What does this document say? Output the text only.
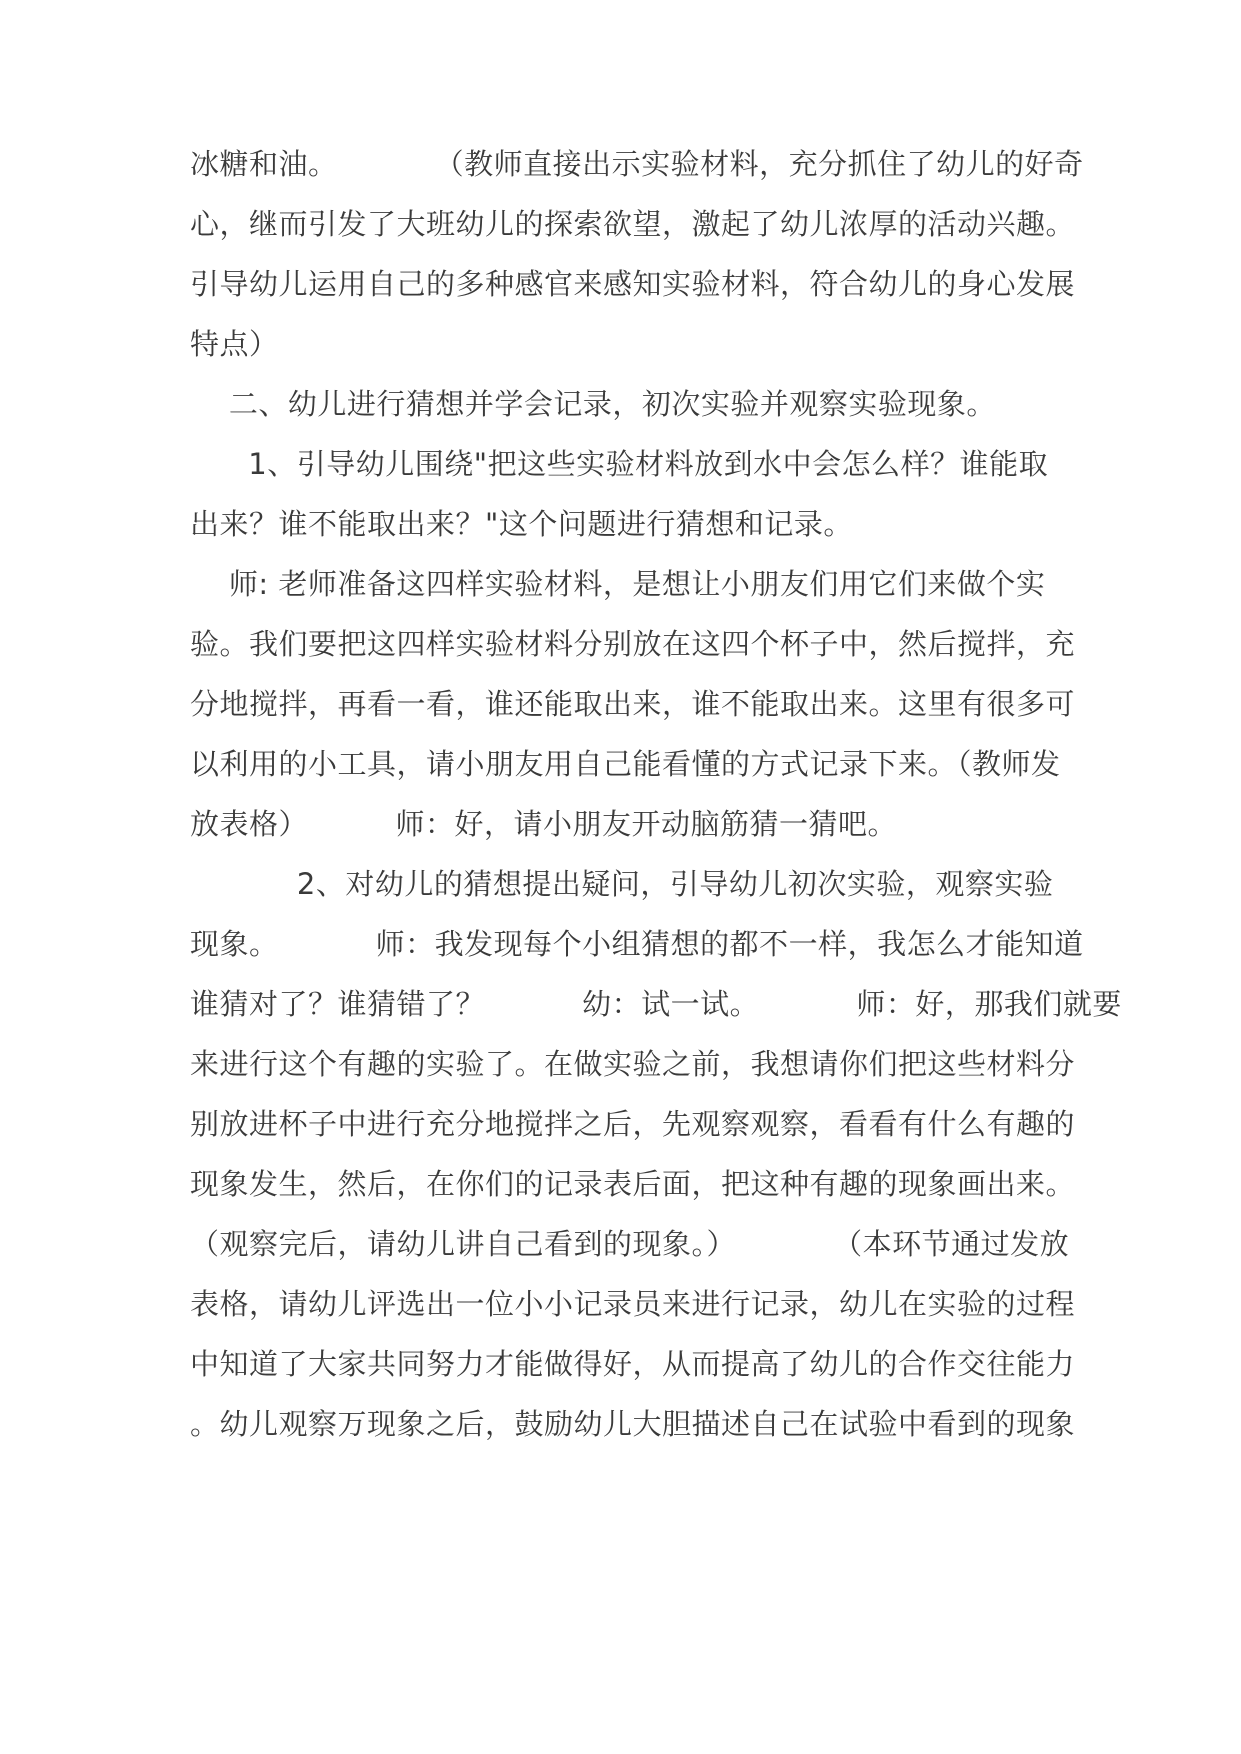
冰糖和油。          （教师直接出示实验材料，充分抓住了幼儿的好奇
心，继而引发了大班幼儿的探索欲望，激起了幼儿浓厚的活动兴趣。
引导幼儿运用自己的多种感官来感知实验材料，符合幼儿的身心发展
特点）
二、幼儿进行猜想并学会记录，初次实验并观察实验现象。
1、引导幼儿围绕"把这些实验材料放到水中会怎么样？谁能取
出来？谁不能取出来？"这个问题进行猜想和记录。
师: 老师准备这四样实验材料，是想让小朋友们用它们来做个实
验。我们要把这四样实验材料分别放在这四个杯子中，然后搅拌，充
分地搅拌，再看一看，谁还能取出来，谁不能取出来。这里有很多可
以利用的小工具，请小朋友用自己能看懂的方式记录下来。（教师发
放表格）         师：好，请小朋友开动脑筋猜一猜吧。
2、对幼儿的猜想提出疑问，引导幼儿初次实验，观察实验
现象。          师：我发现每个小组猜想的都不一样，我怎么才能知道
谁猜对了？谁猜错了？          幼：试一试。          师：好，那我们就要
来进行这个有趣的实验了。在做实验之前，我想请你们把这些材料分
别放进杯子中进行充分地搅拌之后，先观察观察，看看有什么有趣的
现象发生，然后，在你们的记录表后面，把这种有趣的现象画出来。
（观察完后，请幼儿讲自己看到的现象。）          （本环节通过发放
表格，请幼儿评选出一位小小记录员来进行记录，幼儿在实验的过程
中知道了大家共同努力才能做得好，从而提高了幼儿的合作交往能力
。幼儿观察万现象之后，鼓励幼儿大胆描述自己在试验中看到的现象
